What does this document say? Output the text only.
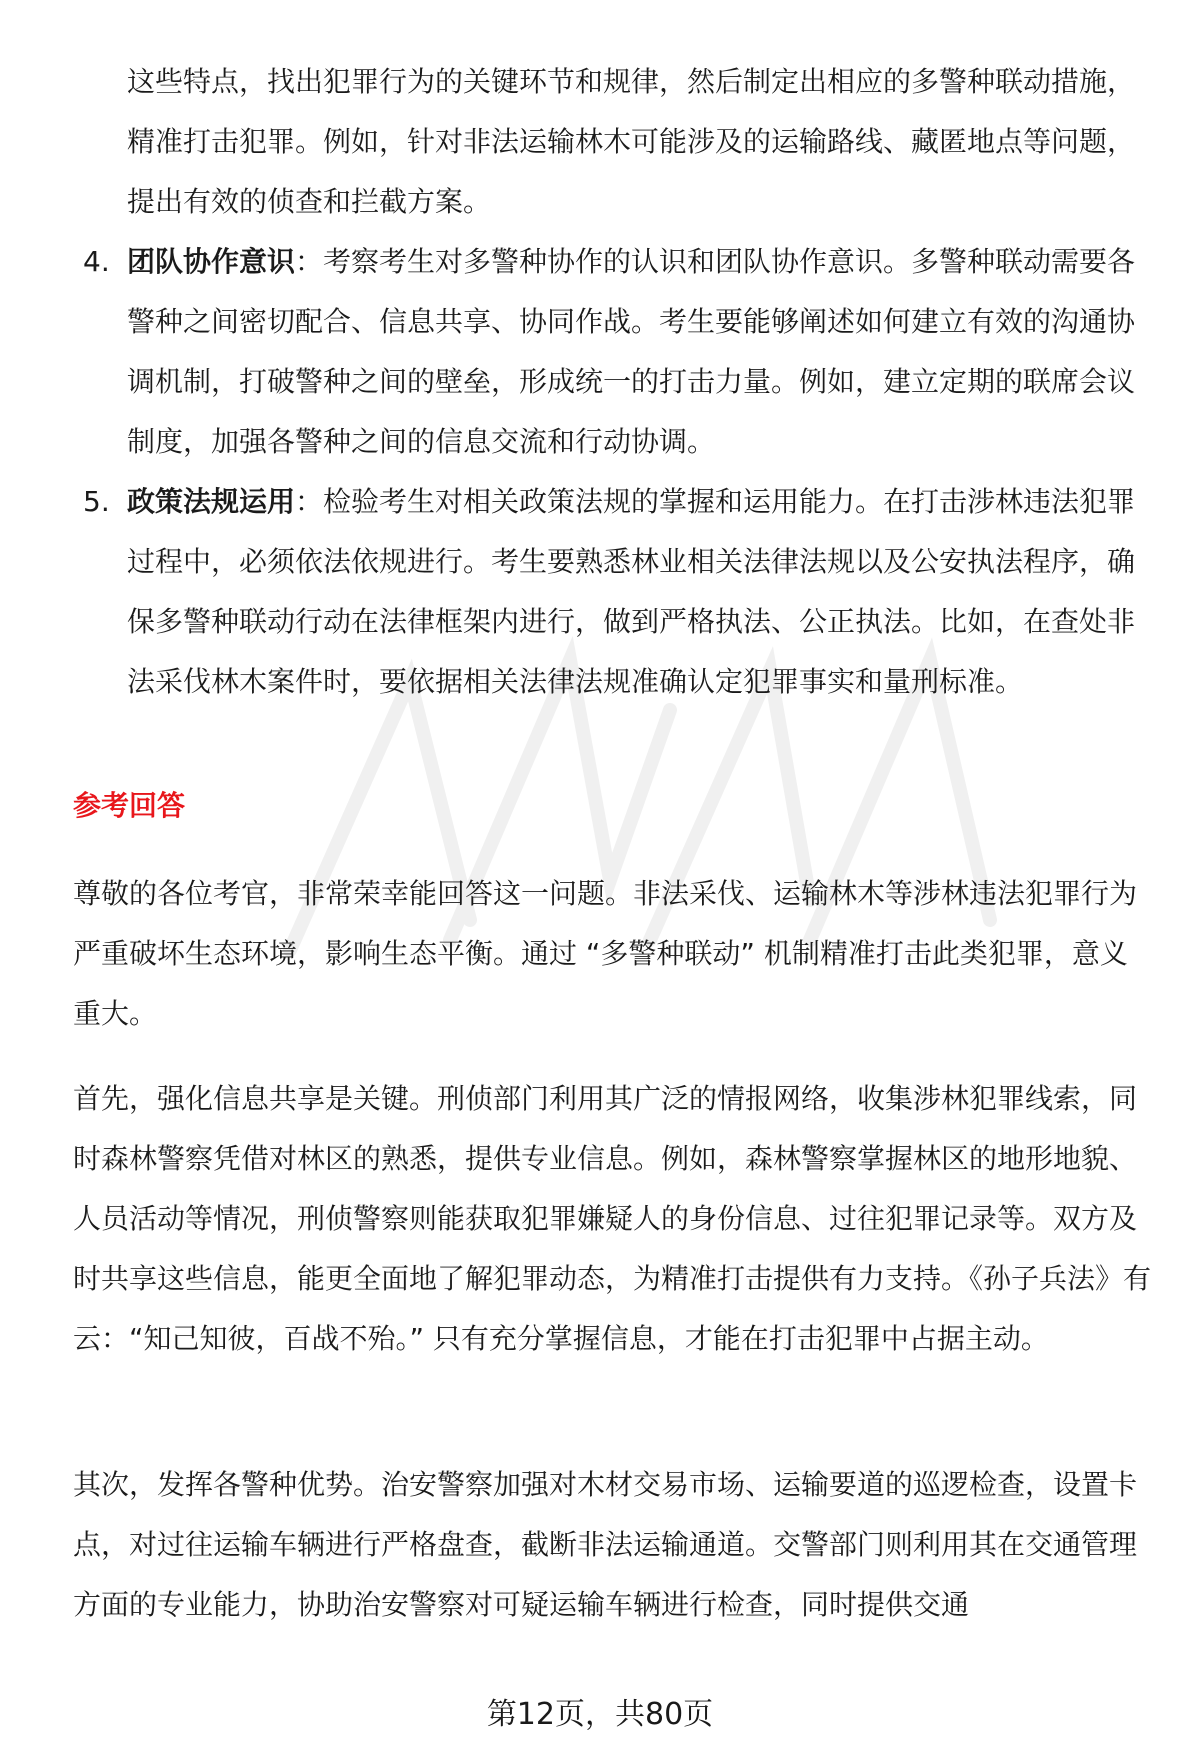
这些特点，找出犯罪行为的关键环节和规律，然后制定出相应的多警种联动措施，精准打击犯罪。例如，针对非法运输林木可能涉及的运输路线、藏匿地点等问题，提出有效的侦查和拦截方案。
4. 团队协作意识：考察考生对多警种协作的认识和团队协作意识。多警种联动需要各警种之间密切配合、信息共享、协同作战。考生要能够阐述如何建立有效的沟通协调机制，打破警种之间的壁垒，形成统一的打击力量。例如，建立定期的联席会议制度，加强各警种之间的信息交流和行动协调。
5. 政策法规运用：检验考生对相关政策法规的掌握和运用能力。在打击涉林违法犯罪过程中，必须依法依规进行。考生要熟悉林业相关法律法规以及公安执法程序，确保多警种联动行动在法律框架内进行，做到严格执法、公正执法。比如，在查处非法采伐林木案件时，要依据相关法律法规准确认定犯罪事实和量刑标准。
参考回答

尊敬的各位考官，非常荣幸能回答这一问题。非法采伐、运输林木等涉林违法犯罪行为严重破坏生态环境，影响生态平衡。通过 “多警种联动” 机制精准打击此类犯罪，意义重大。

首先，强化信息共享是关键。刑侦部门利用其广泛的情报网络，收集涉林犯罪线索，同时森林警察凭借对林区的熟悉，提供专业信息。例如，森林警察掌握林区的地形地貌、人员活动等情况，刑侦警察则能获取犯罪嫌疑人的身份信息、过往犯罪记录等。双方及时共享这些信息，能更全面地了解犯罪动态，为精准打击提供有力支持。《孙子兵法》有云：“知己知彼，百战不殆。” 只有充分掌握信息，才能在打击犯罪中占据主动。

其次，发挥各警种优势。治安警察加强对木材交易市场、运输要道的巡逻检查，设置卡点，对过往运输车辆进行严格盘查，截断非法运输通道。交警部门则利用其在交通管理方面的专业能力，协助治安警察对可疑运输车辆进行检查，同时提供交通

第12页，共80页
